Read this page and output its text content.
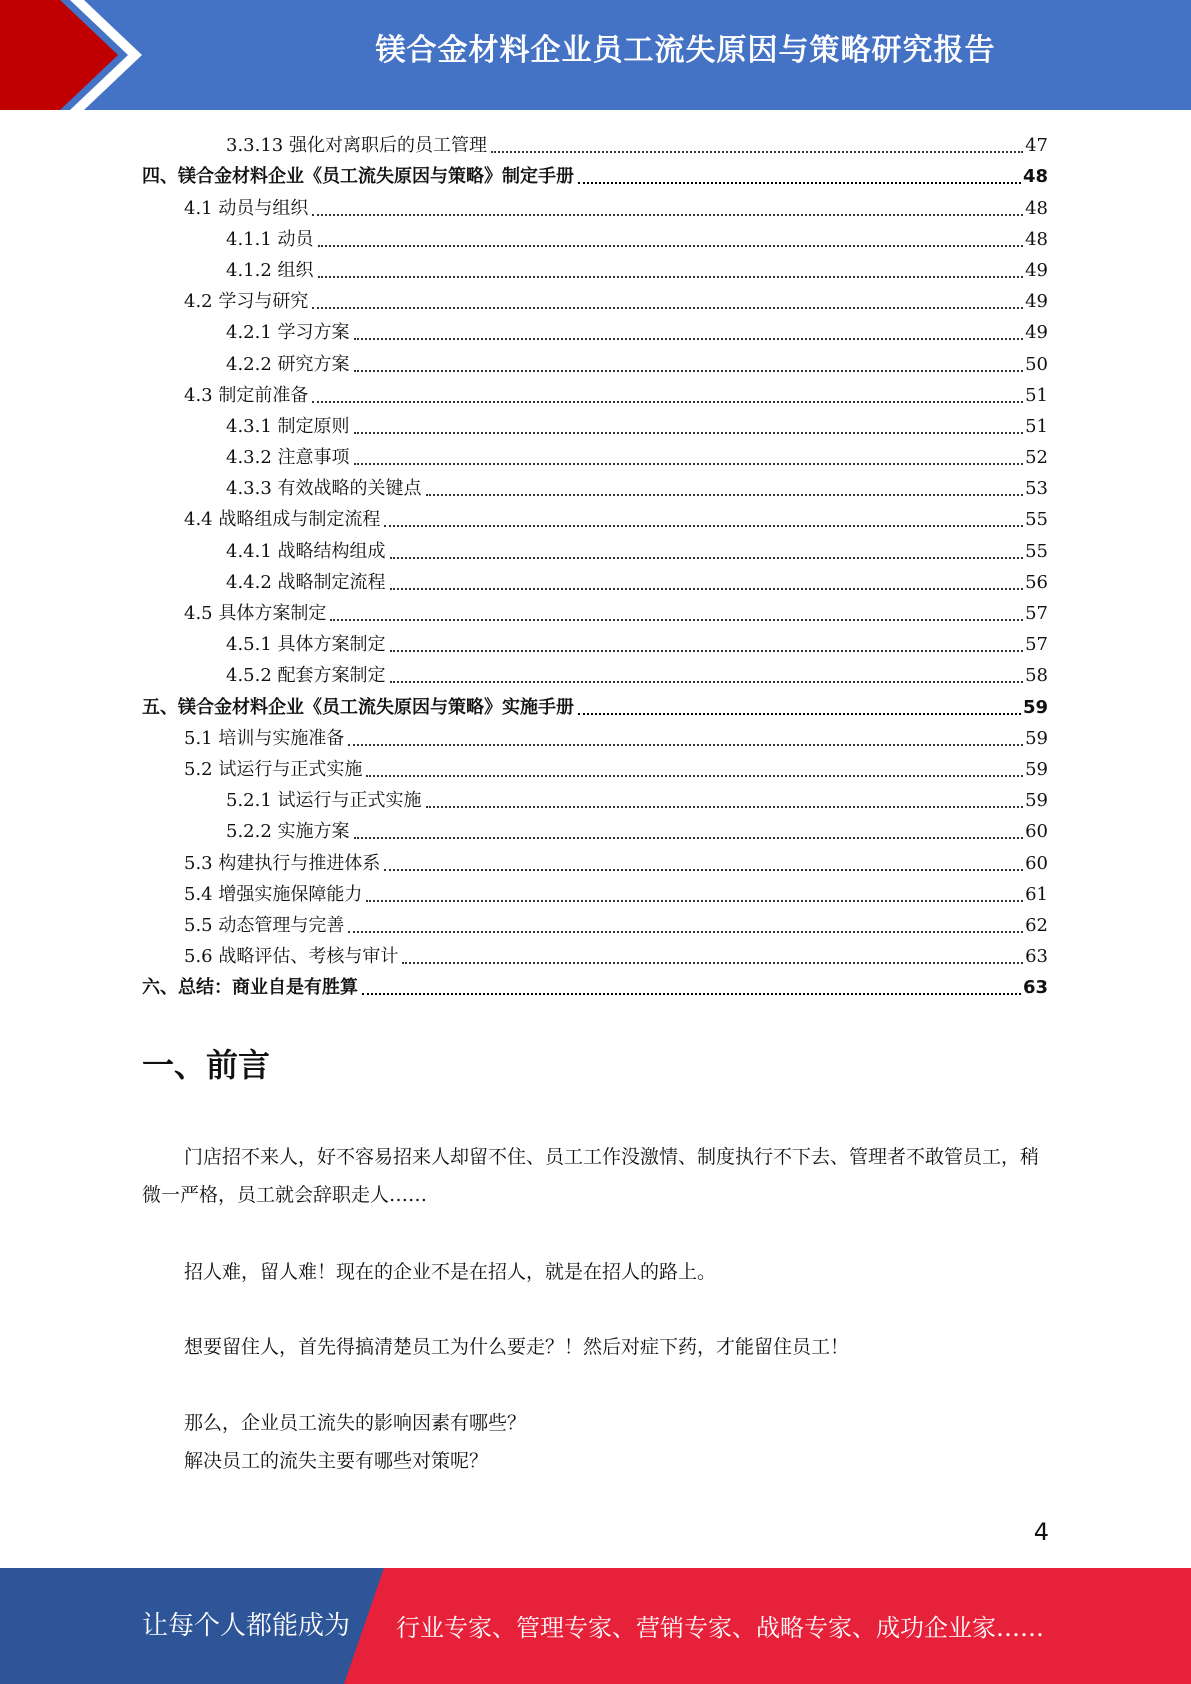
镁合金材料企业员工流失原因与策略研究报告
3.3.13 强化对离职后的员工管理	47
四、镁合金材料企业《员工流失原因与策略》制定手册	48
4.1 动员与组织	48
4.1.1 动员	48
4.1.2 组织	49
4.2 学习与研究	49
4.2.1 学习方案	49
4.2.2 研究方案	50
4.3 制定前准备	51
4.3.1 制定原则	51
4.3.2 注意事项	52
4.3.3 有效战略的关键点	53
4.4 战略组成与制定流程	55
4.4.1 战略结构组成	55
4.4.2 战略制定流程	56
4.5 具体方案制定	57
4.5.1 具体方案制定	57
4.5.2 配套方案制定	58
五、镁合金材料企业《员工流失原因与策略》实施手册	59
5.1 培训与实施准备	59
5.2 试运行与正式实施	59
5.2.1 试运行与正式实施	59
5.2.2 实施方案	60
5.3 构建执行与推进体系	60
5.4 增强实施保障能力	61
5.5 动态管理与完善	62
5.6 战略评估、考核与审计	63
六、总结：商业自是有胜算	63
一、前言
门店招不来人，好不容易招来人却留不住、员工工作没激情、制度执行不下去、管理者不敢管员工，稍微一严格，员工就会辞职走人……
招人难，留人难！现在的企业不是在招人，就是在招人的路上。
想要留住人，首先得搞清楚员工为什么要走？！然后对症下药，才能留住员工！
那么，企业员工流失的影响因素有哪些？
解决员工的流失主要有哪些对策呢？
4
让每个人都能成为 行业专家、管理专家、营销专家、战略专家、成功企业家……
